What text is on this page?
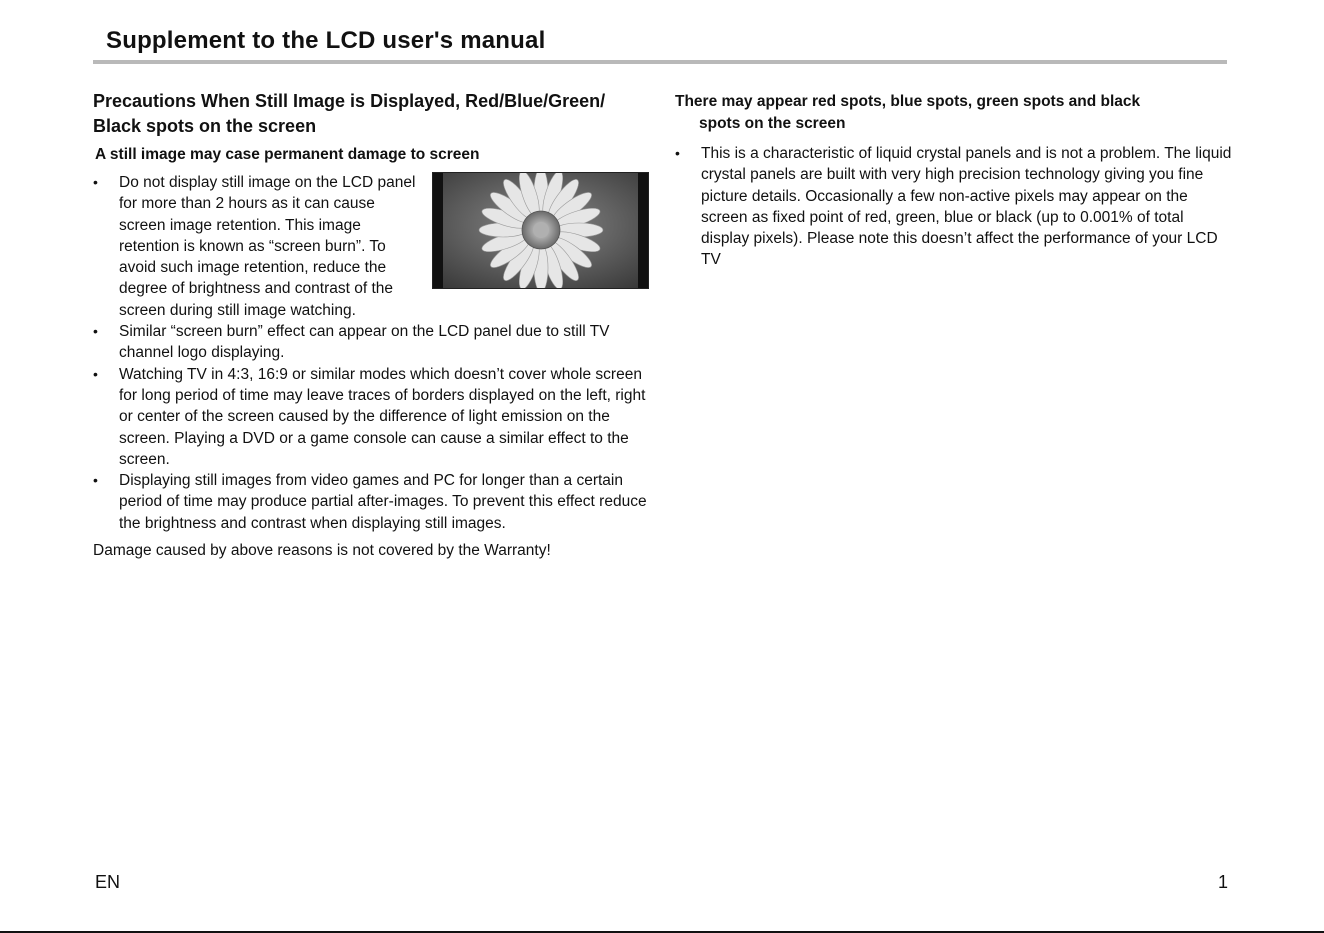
Supplement to the LCD user's manual
Precautions When Still Image is Displayed, Red/Blue/Green/
Black spots on the screen
A still image may case permanent damage to screen
•	Do not display still image on the LCD panel for more than 2 hours as it can cause screen image retention. This image retention is known as “screen burn”. To avoid such image retention, reduce the degree of brightness and contrast of the screen during still image watching.
•	Similar “screen burn” effect can appear on the LCD panel due to still TV channel logo displaying.
•	Watching TV in 4:3, 16:9 or similar modes which doesn’t cover whole screen for long period of time may leave traces of borders displayed on the left, right or center of the screen caused by the difference of light emission on the screen. Playing a DVD or a game console can cause a similar effect to the screen.
•	Displaying still images from video games and PC for longer than a certain period of time may produce partial after-images. To prevent this effect reduce the brightness and contrast when displaying still images.
Damage caused by above reasons is not covered by the Warranty!
There may appear red spots, blue spots, green spots and black
spots on the screen
•	This is a characteristic of liquid crystal panels and is not a problem. The liquid crystal panels are built with very high precision technology giving you fine picture details. Occasionally a few non-active pixels may appear on the screen as fixed point of red, green, blue or black (up to 0.001% of total display pixels). Please note this doesn’t affect the performance of your LCD TV
EN	1
